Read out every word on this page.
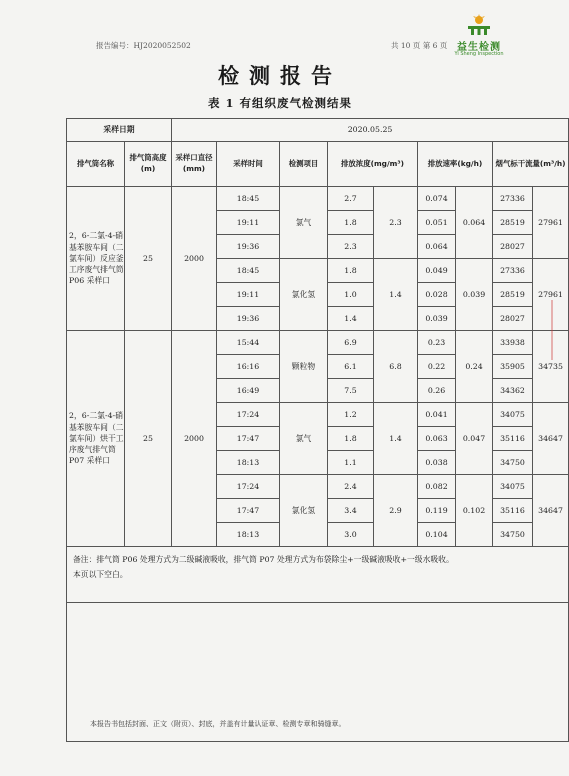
报告编号：HJ2020052502	共 10 页 第 6 页 益生检测
Yi Sheng Inspection
检测报告
表 1 有组织废气检测结果
采样日期		2020.05.25								
排气筒名称	排气筒高度(m)	采样口直径(mm)	采样时间	检测项目	排放浓度(mg/m³)		排放速率(kg/h)		烟气标干流量(m³/h)	
2，6-二氯-4-硝基苯胺车间（二氯车间）反应釜工序废气排气筒 P06 采样口	25	2000	18:45	氯气	2.7	2.3	0.074	0.064	27336	27961
			19:11		1.8		0.051		28519	
			19:36		2.3		0.064		28027	
			18:45	氯化氢	1.8	1.4	0.049	0.039	27336	27961
			19:11		1.0		0.028		28519	
			19:36		1.4		0.039		28027	
2，6-二氯-4-硝基苯胺车间（二氯车间）烘干工序废气排气筒 P07 采样口	25	2000	15:44	颗粒物	6.9	6.8	0.23	0.24	33938	34735
			16:16		6.1		0.22		35905	
			16:49		7.5		0.26		34362	
			17:24	氯气	1.2	1.4	0.041	0.047	34075	34647
			17:47		1.8		0.063		35116	
			18:13		1.1		0.038		34750	
			17:24	氯化氢	2.4	2.9	0.082	0.102	34075	34647
			17:47		3.4		0.119		35116	
			18:13		3.0		0.104		34750	

备注：排气筒 P06 处理方式为二级碱液吸收，排气筒 P07 处理方式为布袋除尘+一级碱液吸收+一级水吸收。
本页以下空白。										

本报告书包括封面、正文（附页）、封底，并盖有计量认证章、检测专章和骑缝章。
